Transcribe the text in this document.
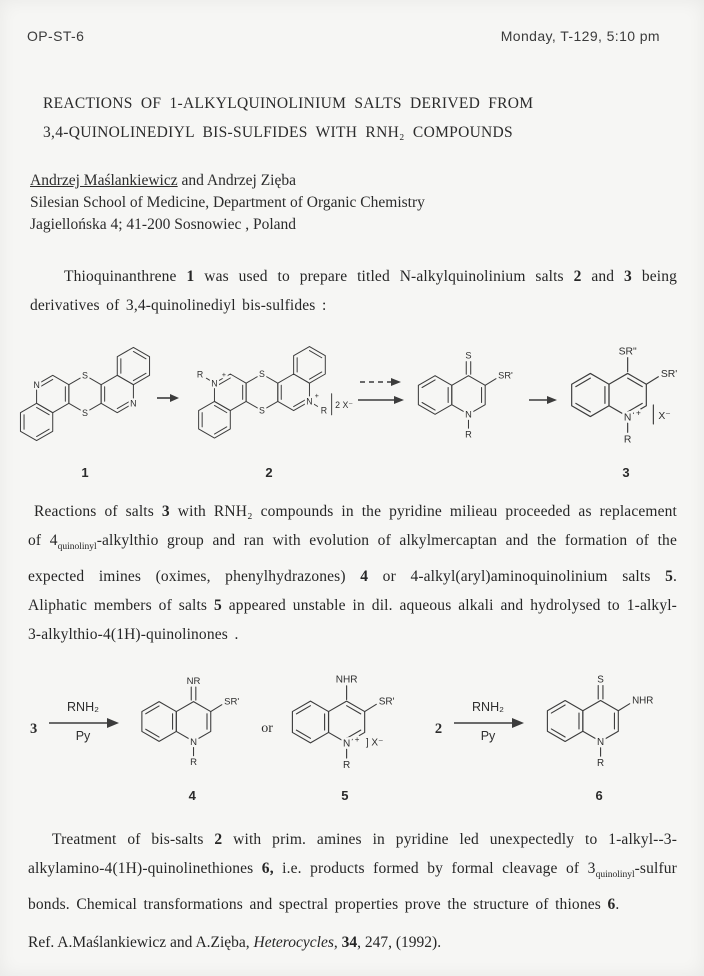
OP-ST-6	Monday, T-129, 5:10 pm
REACTIONS OF 1-ALKYLQUINOLINIUM SALTS DERIVED FROM
3,4-QUINOLINEDIYL BIS-SULFIDES WITH RNH₂ COMPOUNDS
Andrzej Maślankiewicz and Andrzej Zięba
Silesian School of Medicine, Department of Organic Chemistry
Jagiellońska 4; 41-200 Sosnowiec , Poland

Thioquinanthrene 1 was used to prepare titled N-alkylquinolinium salts 2 and 3 being derivatives of 3,4-quinolinediyl bis-sulfides :

S
S
N
N
1
R +
N
S
S
N
+
R
2 X⁻
2
S
SR'
N
R
SR"
SR'
N +
R
X⁻
3

Reactions of salts 3 with RNH₂ compounds in the pyridine milieau proceeded as replacement of $4_{quinolinyl}$-alkylthio group and ran with evolution of alkylmercaptan and the formation of the expected imines (oximes, phenylhydrazones) 4 or 4-alkyl(aryl)aminoquinolinium salts 5. Aliphatic members of salts 5 appeared unstable in dil. aqueous alkali and hydrolysed to 1-alkyl-3-alkylthio-4(1H)-quinolinones .

3
RNH₂
Py
NR
SR'
N
R
4
or
NHR
SR'
N + ] X⁻
R
5
2
RNH₂
Py
S
NHR
N
R
6

Treatment of bis-salts 2 with prim. amines in pyridine led unexpectedly to 1-alkyl--3-alkylamino-4(1H)-quinolinethiones 6, i.e. products formed by formal cleavage of $3_{quinolinyl}$-sulfur bonds. Chemical transformations and spectral properties prove the structure of thiones 6.

Ref. A.Maślankiewicz and A.Zięba, Heterocycles, 34, 247, (1992).
